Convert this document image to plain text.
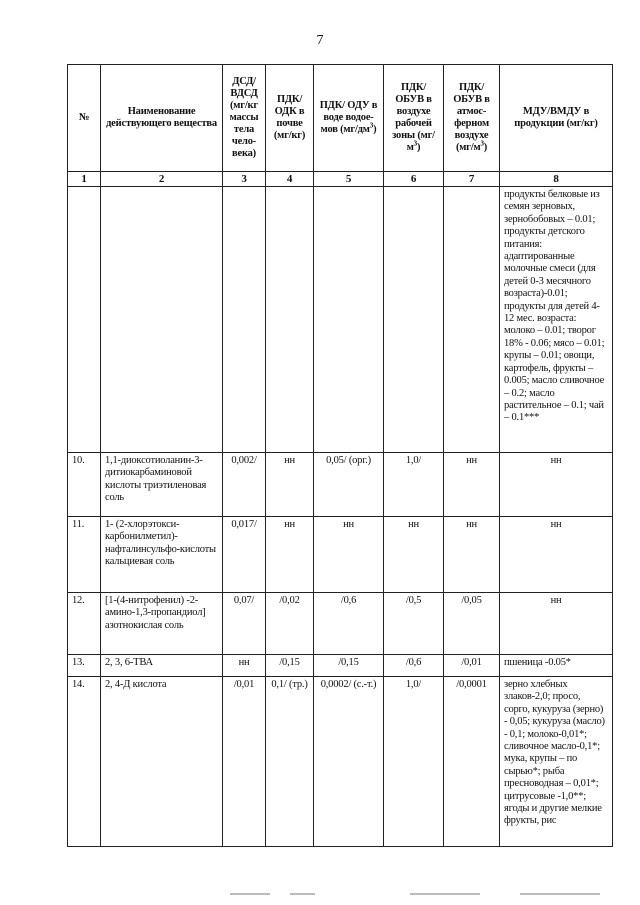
7
№	Наименование действующего вещества	ДСД/ ВДСД (мг/кг массы тела чело-века)	ПДК/ ОДК в почве (мг/кг)	ПДК/ ОДУ в воде водое-мов $(мг/дм^3)$	ПДК/ ОБУВ в воздухе рабочей зоны $(мг/м^3)$	ПДК/ ОБУВ в атмос-ферном воздухе $(мг/м^3)$	МДУ/ВМДУ в продукции (мг/кг)
1	2	3	4	5	6	7	8
							продукты белковые из семян зерновых, зернобобовых – 0.01; продукты детского питания: адаптированные молочные смеси (для детей 0-3 месячного возраста)-0.01; продукты для детей 4-12 мес. возраста: молоко – 0.01; творог 18% - 0.06; мясо – 0.01; крупы – 0.01; овощи, картофель, фрукты – 0.005; масло сливочное – 0.2; масло растительное – 0.1; чай – 0.1***
10.	1,1-диоксотиоланин-3-дитиокарбаминовой кислоты триэтиленовая соль	0,002/	нн	0,05/ (орг.)	1,0/	нн	нн
11.	1- (2-хлорэтокси-карбонилметил)-нафталинсульфо-кислоты кальциевая соль	0,017/	нн	нн	нн	нн	нн
12.	[1-(4-нитрофенил) -2-амино-1,3-пропандиол] азотнокислая соль	0,07/	/0,02	/0,6	/0,5	/0,05	нн
13.	2, 3, 6-ТВА	нн	/0,15	/0,15	/0,6	/0,01	пшеница -0.05*
14.	2, 4-Д кислота	/0,01	0,1/ (тр.)	0,0002/ (с.-т.)	1,0/	/0,0001	зерно хлебных злаков-2,0; просо, сорго, кукуруза (зерно) - 0,05; кукуруза (масло) - 0,1; молоко-0,01*; сливочное масло-0,1*; мука, крупы – по сырью*; рыба пресноводная – 0,01*; цитрусовые -1,0**; ягоды и другие мелкие фрукты, рис
